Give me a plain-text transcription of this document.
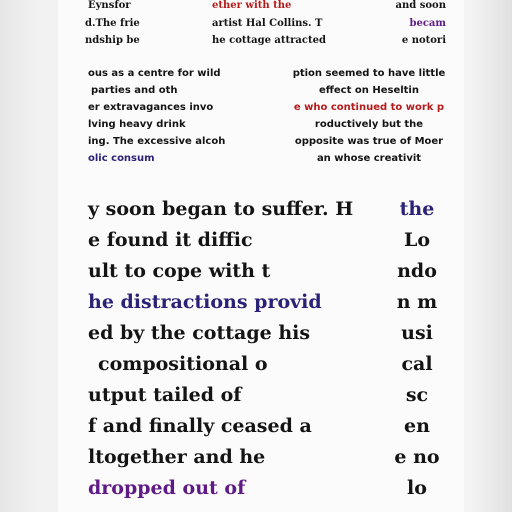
Eynsfor
d.The frie
ndship be
ether with the
artist Hal Collins. T
he cottage attracted
and soon
becam
e notori
ous as a centre for wild
parties and oth
er extravagances invo
lving heavy drink
ing. The excessive alcoh
olic consum
ption seemed to have little
effect on Heseltin
e who continued to work p
roductively but the
opposite was true of Moer
an whose creativit
y soon began to suffer. H
e found it diffic
ult to cope with t
he distractions provid
ed by the cottage his
compositional o
utput tailed of
f and finally ceased a
ltogether and he
dropped out of
the
Lo
ndo
n m
usi
cal
sc
en
e no
lo
